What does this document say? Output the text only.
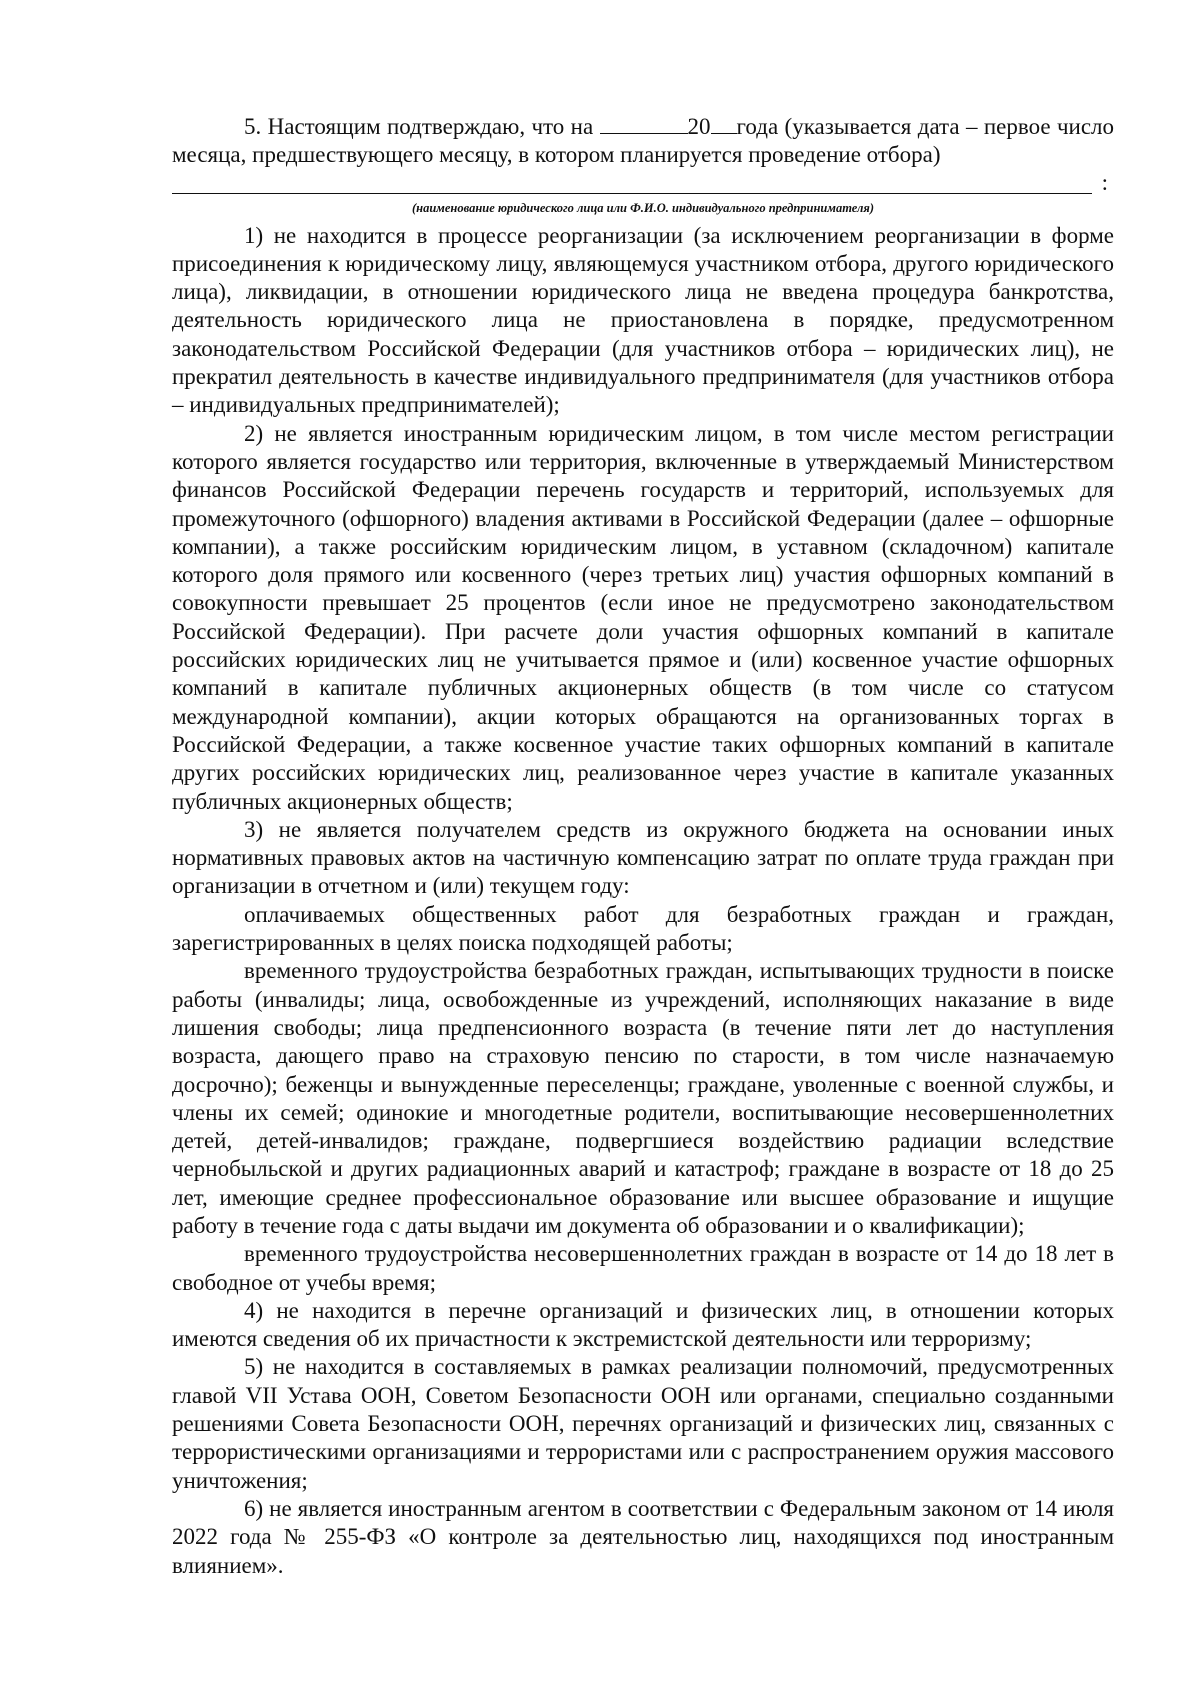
5. Настоящим подтверждаю, что на	20 года (указывается дата – первое число месяца, предшествующего месяцу, в котором планируется проведение отбора)

:

(наименование юридического лица или Ф.И.О. индивидуального предпринимателя)

1) не находится в процессе реорганизации (за исключением реорганизации в форме присоединения к юридическому лицу, являющемуся участником отбора, другого юридического лица), ликвидации, в отношении юридического лица не введена процедура банкротства, деятельность юридического лица не приостановлена в порядке, предусмотренном законодательством Российской Федерации (для участников отбора – юридических лиц), не прекратил деятельность в качестве индивидуального предпринимателя (для участников отбора – индивидуальных предпринимателей);

2) не является иностранным юридическим лицом, в том числе местом регистрации которого является государство или территория, включенные в утверждаемый Министерством финансов Российской Федерации перечень государств и территорий, используемых для промежуточного (офшорного) владения активами в Российской Федерации (далее – офшорные компании), а также российским юридическим лицом, в уставном (складочном) капитале которого доля прямого или косвенного (через третьих лиц) участия офшорных компаний в совокупности превышает 25 процентов (если иное не предусмотрено законодательством Российской Федерации). При расчете доли участия офшорных компаний в капитале российских юридических лиц не учитывается прямое и (или) косвенное участие офшорных компаний в капитале публичных акционерных обществ (в том числе со статусом международной компании), акции которых обращаются на организованных торгах в Российской Федерации, а также косвенное участие таких офшорных компаний в капитале других российских юридических лиц, реализованное через участие в капитале указанных публичных акционерных обществ;

3) не является получателем средств из окружного бюджета на основании иных нормативных правовых актов на частичную компенсацию затрат по оплате труда граждан при организации в отчетном и (или) текущем году:

оплачиваемых общественных работ для безработных граждан и граждан, зарегистрированных в целях поиска подходящей работы;

временного трудоустройства безработных граждан, испытывающих трудности в поиске работы (инвалиды; лица, освобожденные из учреждений, исполняющих наказание в виде лишения свободы; лица предпенсионного возраста (в течение пяти лет до наступления возраста, дающего право на страховую пенсию по старости, в том числе назначаемую досрочно); беженцы и вынужденные переселенцы; граждане, уволенные с военной службы, и члены их семей; одинокие и многодетные родители, воспитывающие несовершеннолетних детей, детей-инвалидов; граждане, подвергшиеся воздействию радиации вследствие чернобыльской и других радиационных аварий и катастроф; граждане в возрасте от 18 до 25 лет, имеющие среднее профессиональное образование или высшее образование и ищущие работу в течение года с даты выдачи им документа об образовании и о квалификации);

временного трудоустройства несовершеннолетних граждан в возрасте от 14 до 18 лет в свободное от учебы время;

4) не находится в перечне организаций и физических лиц, в отношении которых имеются сведения об их причастности к экстремистской деятельности или терроризму;

5) не находится в составляемых в рамках реализации полномочий, предусмотренных главой VII Устава ООН, Советом Безопасности ООН или органами, специально созданными решениями Совета Безопасности ООН, перечнях организаций и физических лиц, связанных с террористическими организациями и террористами или с распространением оружия массового уничтожения;

6) не является иностранным агентом в соответствии с Федеральным законом от 14 июля 2022 года № 255-ФЗ «О контроле за деятельностью лиц, находящихся под иностранным влиянием».
